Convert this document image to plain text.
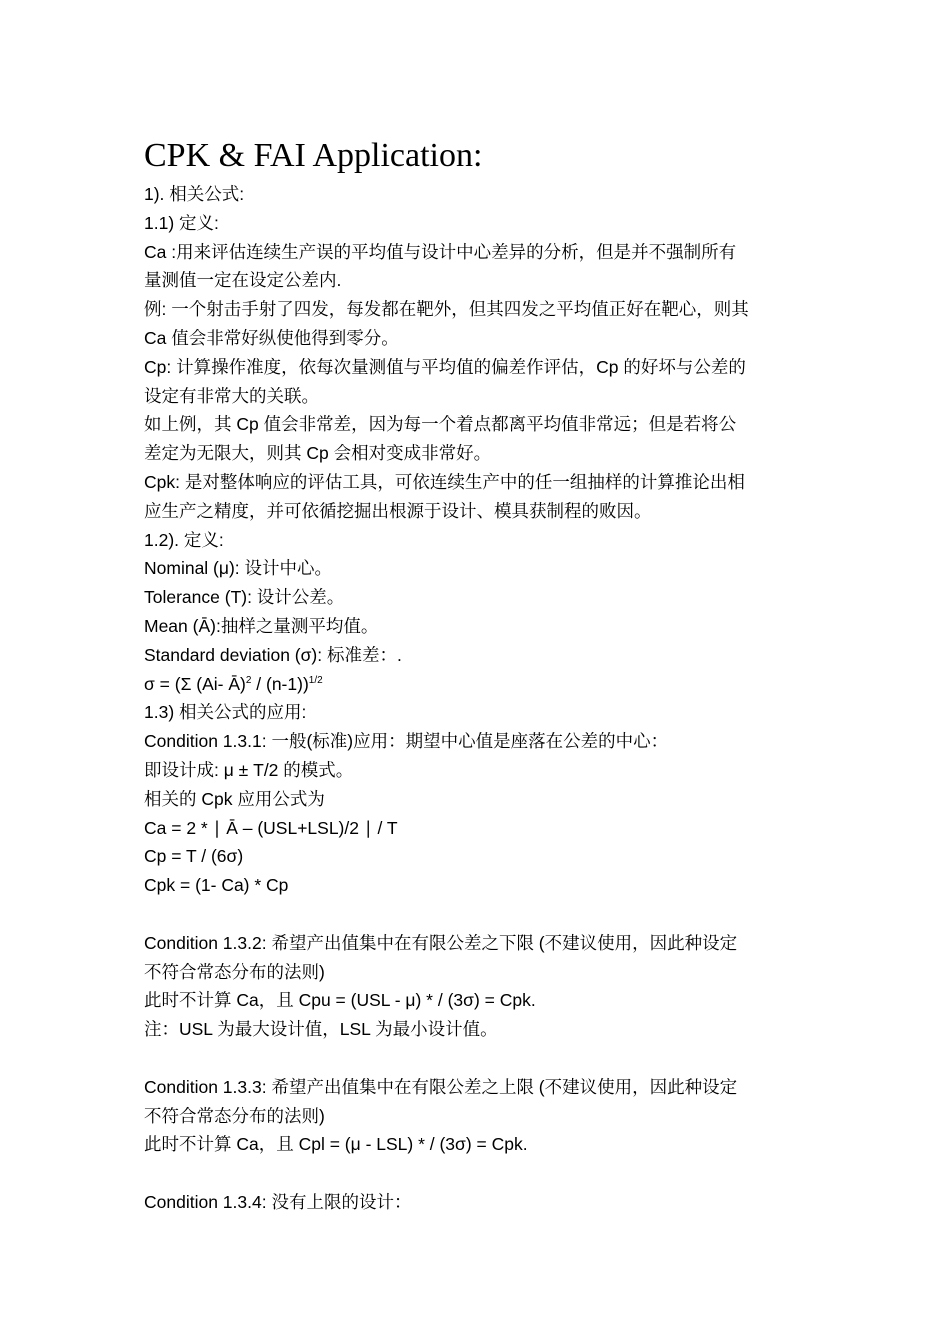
CPK & FAI Application:

1). 相关公式:

1.1) 定义:

Ca :用来评估连续生产误的平均值与设计中心差异的分析，但是并不强制所有

量测值一定在设定公差内.

例: 一个射击手射了四发，每发都在靶外，但其四发之平均值正好在靶心，则其

Ca 值会非常好纵使他得到零分。

Cp: 计算操作准度，依每次量测值与平均值的偏差作评估，Cp 的好坏与公差的

设定有非常大的关联。

如上例，其 Cp 值会非常差，因为每一个着点都离平均值非常远；但是若将公

差定为无限大，则其 Cp 会相对变成非常好。

Cpk: 是对整体响应的评估工具，可依连续生产中的任一组抽样的计算推论出相

应生产之精度，并可依循挖掘出根源于设计、模具获制程的败因。

1.2). 定义:

Nominal (μ): 设计中心。

Tolerance (T): 设计公差。

Mean (Ā):抽样之量测平均值。

Standard deviation (σ): 标准差：.

σ = (Σ (Ai- Ā)$^2$ / (n-1))$^{1/2}$

1.3) 相关公式的应用:

Condition 1.3.1: 一般(标准)应用：期望中心值是座落在公差的中心：

即设计成: μ ± T/2 的模式。

相关的 Cpk 应用公式为

Ca = 2 * ∣ Ā – (USL+LSL)/2 ∣ / T

Cp = T / (6σ)

Cpk = (1- Ca) * Cp

Condition 1.3.2: 希望产出值集中在有限公差之下限 (不建议使用，因此种设定

不符合常态分布的法则)

此时不计算 Ca，且 Cpu = (USL - μ) * / (3σ) = Cpk.

注：USL 为最大设计值，LSL 为最小设计值。

Condition 1.3.3: 希望产出值集中在有限公差之上限 (不建议使用，因此种设定

不符合常态分布的法则)

此时不计算 Ca，且 Cpl = (μ - LSL) * / (3σ) = Cpk.

Condition 1.3.4: 没有上限的设计：
